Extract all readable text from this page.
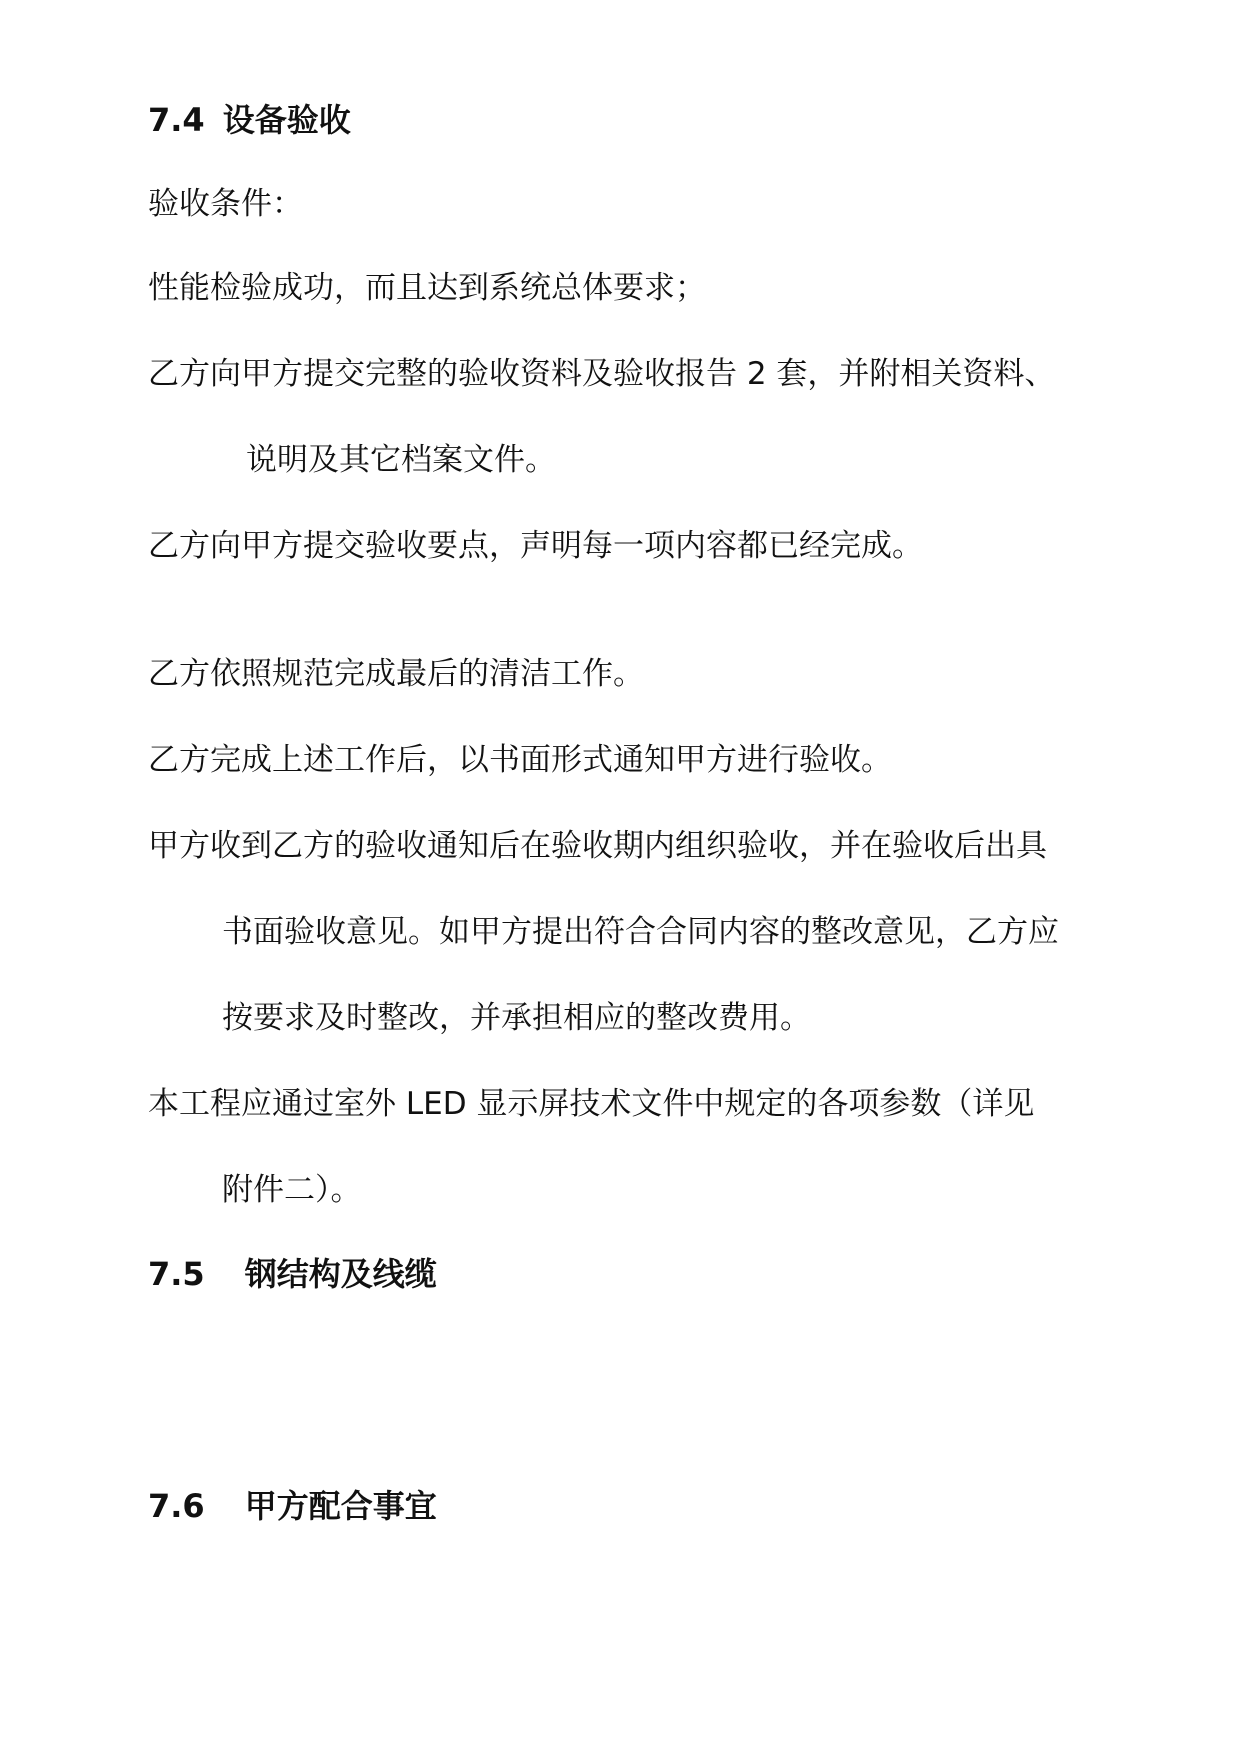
7.4 设备验收
验收条件：
性能检验成功，而且达到系统总体要求；
乙方向甲方提交完整的验收资料及验收报告 2 套，并附相关资料、
说明及其它档案文件。
乙方向甲方提交验收要点，声明每一项内容都已经完成。
乙方依照规范完成最后的清洁工作。
乙方完成上述工作后，以书面形式通知甲方进行验收。
甲方收到乙方的验收通知后在验收期内组织验收，并在验收后出具
书面验收意见。如甲方提出符合合同内容的整改意见，乙方应
按要求及时整改，并承担相应的整改费用。
本工程应通过室外 LED 显示屏技术文件中规定的各项参数（详见
附件二）。
7.5 钢结构及线缆
7.6 甲方配合事宜
